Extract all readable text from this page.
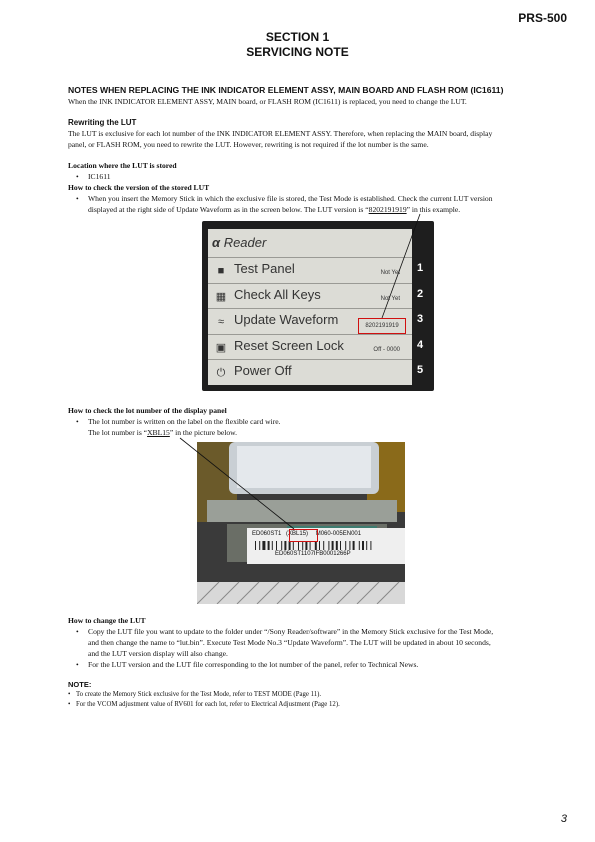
PRS-500
SECTION 1
SERVICING NOTE
NOTES WHEN REPLACING THE INK INDICATOR ELEMENT ASSY, MAIN BOARD AND FLASH ROM (IC1611)
When the INK INDICATOR ELEMENT ASSY, MAIN board, or FLASH ROM (IC1611) is replaced, you need to change the LUT.
Rewriting the LUT
The LUT is exclusive for each lot number of the INK INDICATOR ELEMENT ASSY. Therefore, when replacing the MAIN board, display
panel, or FLASH ROM, you need to rewrite the LUT. However, rewriting is not required if the lot number is the same.
Location where the LUT is stored
•	IC1611
How to check the version of the stored LUT
•	When you insert the Memory Stick in which the exclusive file is stored, the Test Mode is established. Check the current LUT version
displayed at the right side of Update Waveform as in the screen below. The LUT version is “8202191919” in this example.
α Reader
■ Test Panel	Not Yet
▦ Check All Keys	Not Yet
≈ Update Waveform
▣ Reset Screen Lock	Off - 0000
⏻ Power Off
1
2
3
4
5
8202191919
How to check the lot number of the display panel
•	The lot number is written on the label on the flexible card wire.
The lot number is “XBL15” in the picture below.
ED060ST1 (XBL15) M060-005EN001
ED060ST1107IFB0001266P
How to change the LUT
•	Copy the LUT file you want to update to the folder under “/Sony Reader/software” in the Memory Stick exclusive for the Test Mode,
and then change the name to “lut.bin”. Execute Test Mode No.3 “Update Waveform”. The LUT will be updated in about 10 seconds,
and the LUT version display will also change.
•	For the LUT version and the LUT file corresponding to the lot number of the panel, refer to Technical News.
NOTE:
• To create the Memory Stick exclusive for the Test Mode, refer to TEST MODE (Page 11).
• For the VCOM adjustment value of RV601 for each lot, refer to Electrical Adjustment (Page 12).
3
